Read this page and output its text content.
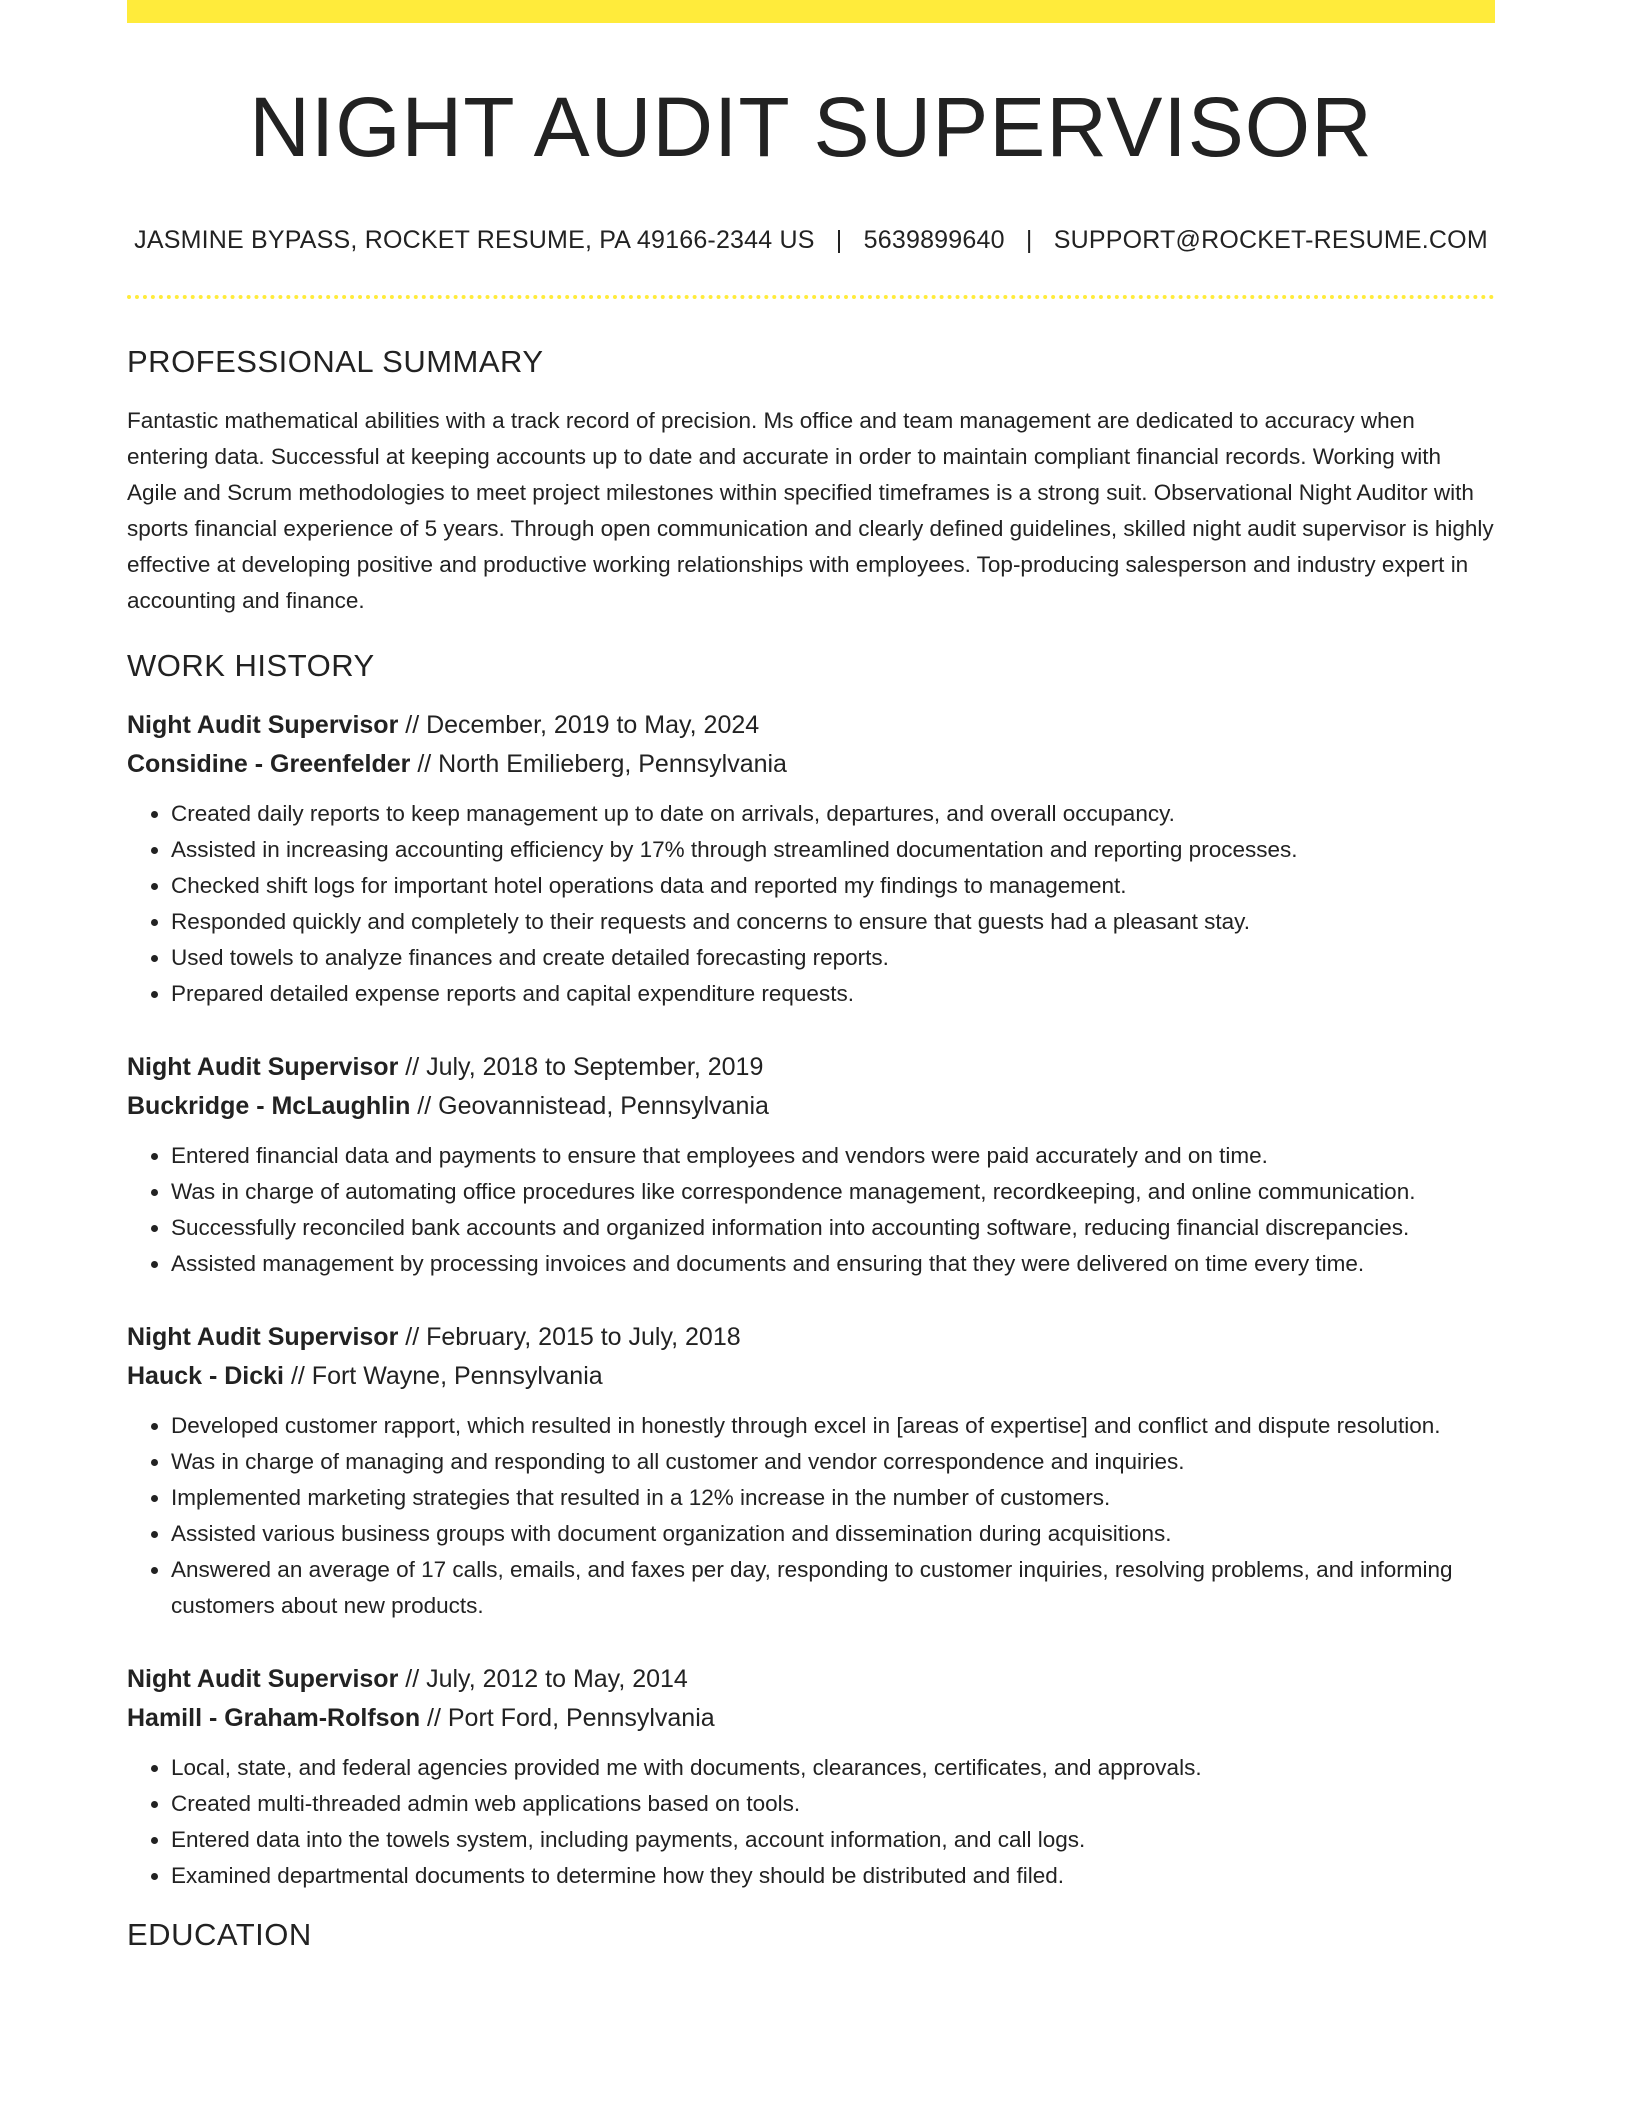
NIGHT AUDIT SUPERVISOR
JASMINE BYPASS, ROCKET RESUME, PA 49166-2344 US | 5639899640 | SUPPORT@ROCKET-RESUME.COM
PROFESSIONAL SUMMARY

Fantastic mathematical abilities with a track record of precision. Ms office and team management are dedicated to accuracy when entering data. Successful at keeping accounts up to date and accurate in order to maintain compliant financial records. Working with Agile and Scrum methodologies to meet project milestones within specified timeframes is a strong suit. Observational Night Auditor with sports financial experience of 5 years. Through open communication and clearly defined guidelines, skilled night audit supervisor is highly effective at developing positive and productive working relationships with employees. Top-producing salesperson and industry expert in accounting and finance.

WORK HISTORY
Night Audit Supervisor // December, 2019 to May, 2024
Considine - Greenfelder // North Emilieberg, Pennsylvania
• Created daily reports to keep management up to date on arrivals, departures, and overall occupancy.
• Assisted in increasing accounting efficiency by 17% through streamlined documentation and reporting processes.
• Checked shift logs for important hotel operations data and reported my findings to management.
• Responded quickly and completely to their requests and concerns to ensure that guests had a pleasant stay.
• Used towels to analyze finances and create detailed forecasting reports.
• Prepared detailed expense reports and capital expenditure requests.
Night Audit Supervisor // July, 2018 to September, 2019
Buckridge - McLaughlin // Geovannistead, Pennsylvania
• Entered financial data and payments to ensure that employees and vendors were paid accurately and on time.
• Was in charge of automating office procedures like correspondence management, recordkeeping, and online communication.
• Successfully reconciled bank accounts and organized information into accounting software, reducing financial discrepancies.
• Assisted management by processing invoices and documents and ensuring that they were delivered on time every time.
Night Audit Supervisor // February, 2015 to July, 2018
Hauck - Dicki // Fort Wayne, Pennsylvania
• Developed customer rapport, which resulted in honestly through excel in [areas of expertise] and conflict and dispute resolution.
• Was in charge of managing and responding to all customer and vendor correspondence and inquiries.
• Implemented marketing strategies that resulted in a 12% increase in the number of customers.
• Assisted various business groups with document organization and dissemination during acquisitions.
• Answered an average of 17 calls, emails, and faxes per day, responding to customer inquiries, resolving problems, and informing customers about new products.
Night Audit Supervisor // July, 2012 to May, 2014
Hamill - Graham-Rolfson // Port Ford, Pennsylvania
• Local, state, and federal agencies provided me with documents, clearances, certificates, and approvals.
• Created multi-threaded admin web applications based on tools.
• Entered data into the towels system, including payments, account information, and call logs.
• Examined departmental documents to determine how they should be distributed and filed.
EDUCATION
